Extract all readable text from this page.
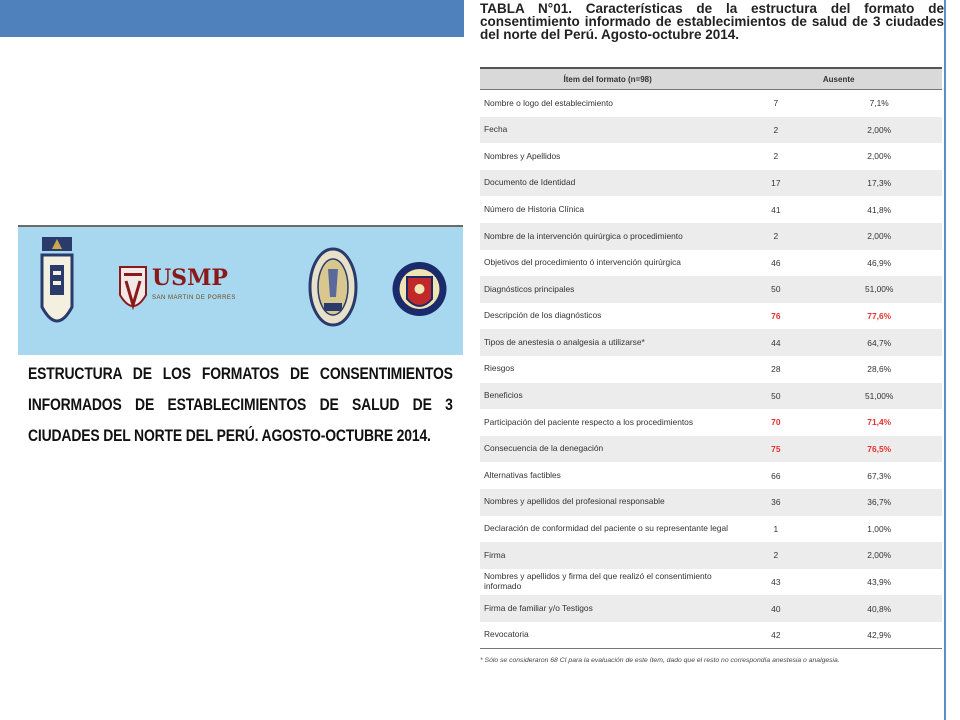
USMP
SAN MARTIN DE PORRES
ESTRUCTURA DE LOS FORMATOS DE CONSENTIMIENTOS INFORMADOS DE ESTABLECIMIENTOS DE SALUD DE 3 CIUDADES DEL NORTE DEL PERÚ. AGOSTO-OCTUBRE 2014.
TABLA N°01. Características de la estructura del formato de consentimiento informado de establecimientos de salud de 3 ciudades del norte del Perú. Agosto-octubre 2014.
Ítem del formato (n=98)	Ausente	
Nombre o logo del establecimiento	7	7,1%
Fecha	2	2,00%
Nombres y Apellidos	2	2,00%
Documento de Identidad	17	17,3%
Número de Historia Clínica	41	41,8%
Nombre de la intervención quirúrgica o procedimiento	2	2,00%
Objetivos del procedimiento ó intervención quirúrgica	46	46,9%
Diagnósticos principales	50	51,00%
Descripción de los diagnósticos	76	77,6%
Tipos de anestesia o analgesia a utilizarse*	44	64,7%
Riesgos	28	28,6%
Beneficios	50	51,00%
Participación del paciente respecto a los procedimientos	70	71,4%
Consecuencia de la denegación	75	76,5%
Alternativas factibles	66	67,3%
Nombres y apellidos del profesional responsable	36	36,7%
Declaración de conformidad del paciente o su representante legal	1	1,00%
Firma	2	2,00%
Nombres y apellidos y firma del que realizó el consentimiento informado	43	43,9%
Firma de familiar y/o Testigos	40	40,8%
Revocatoria	42	42,9%
* Sólo se consideraron 68 CI para la evaluación de este ítem, dado que el resto no correspondía anestesia o analgesia.
